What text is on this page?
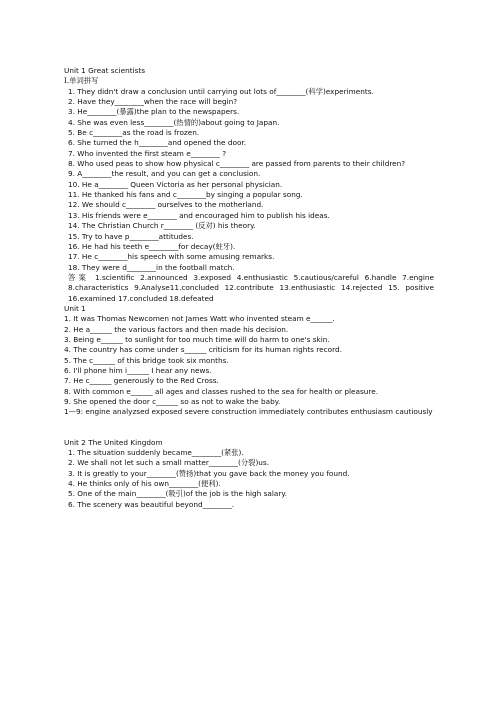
Unit 1 Great scientists
Ⅰ.单词拼写
1. They didn't draw a conclusion until carrying out lots of________(科学)experiments.
2. Have they________when the race will begin?
3. He________(暴露)the plan to the newspapers.
4. She was even less________(热情的)about going to Japan.
5. Be c________as the road is frozen.
6. She turned the h________and opened the door.
7. Who invented the first steam e________ ?
8. Who used peas to show how physical c________ are passed from parents to their children?
9. A________the result, and you can get a conclusion.
10. He a________ Queen Victoria as her personal physician.
11. He thanked his fans and c________by singing a popular song.
12. We should c________ ourselves to the motherland.
13. His friends were e________ and encouraged him to publish his ideas.
14. The Christian Church r________ (反对) his theory.
15. Try to have p________attitudes.
16. He had his teeth e________for decay(蛀牙).
17. He c________his speech with some amusing remarks.
18. They were d________in the football match.
答案 1.scientific 2.announced 3.exposed 4.enthusiastic 5.cautious/careful 6.handle 7.engine 8.characteristics 9.Analyse11.concluded 12.contribute 13.enthusiastic 14.rejected 15. positive 16.examined 17.concluded 18.defeated
Unit 1
1. It was Thomas Newcomen not James Watt who invented steam e______.
2. He a______ the various factors and then made his decision.
3. Being e______ to sunlight for too much time will do harm to one's skin.
4. The country has come under s______ criticism for its human rights record.
5. The c______ of this bridge took six months.
6. I'll phone him i______ I hear any news.
7. He c______ generously to the Red Cross.
8. With common e______ all ages and classes rushed to the sea for health or pleasure.
9. She opened the door c______ so as not to wake the baby.
1—9: engine analyzsed exposed severe construction immediately contributes enthusiasm cautiously
Unit 2 The United Kingdom
1. The situation suddenly became________(紧张).
2. We shall not let such a small matter________(分裂)us.
3. It is greatly to your________(赞扬)that you gave back the money you found.
4. He thinks only of his own________(便利).
5. One of the main________(吸引)of the job is the high salary.
6. The scenery was beautiful beyond________.
